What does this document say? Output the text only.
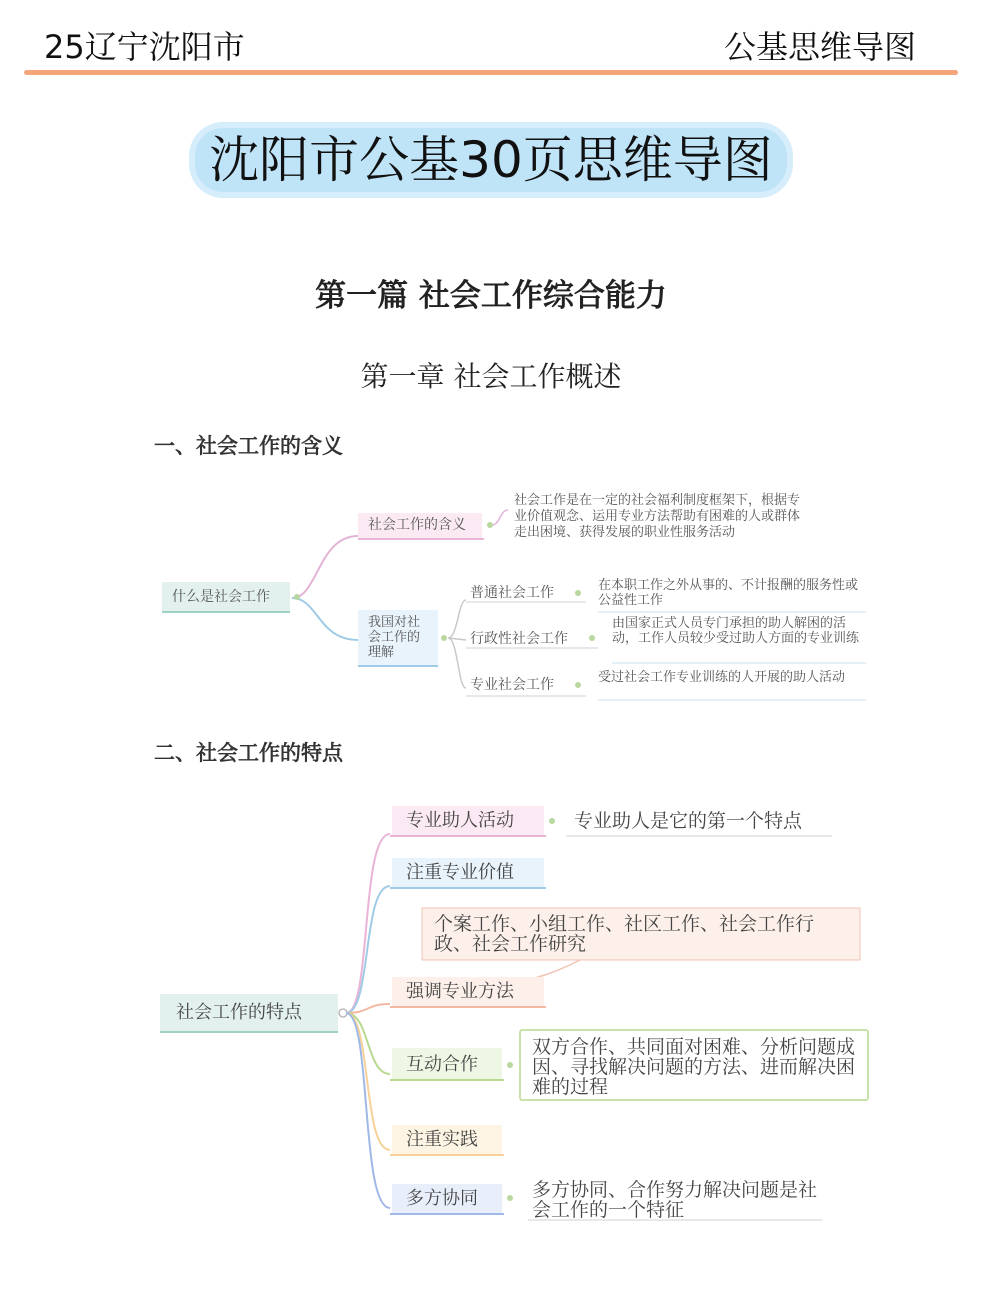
25辽宁沈阳市	公基思维导图
沈阳市公基30页思维导图
第一篇 社会工作综合能力
第一章 社会工作概述
一、社会工作的含义
二、社会工作的特点
什么是社会工作
社会工作的含义
社会工作是在一定的社会福利制度框架下，根据专业价值观念、运用专业方法帮助有困难的人或群体走出困境、获得发展的职业性服务活动
我国对社会工作的理解
普通社会工作	在本职工作之外从事的、不计报酬的服务性或公益性工作
行政性社会工作
由国家正式人员专门承担的助人解困的活动，工作人员较少受过助人方面的专业训练
专业社会工作	受过社会工作专业训练的人开展的助人活动
社会工作的特点
专业助人活动	专业助人是它的第一个特点
注重专业价值
个案工作、小组工作、社区工作、社会工作行政、社会工作研究
强调专业方法
互动合作
双方合作、共同面对困难、分析问题成因、寻找解决问题的方法、进而解决困难的过程
注重实践
多方协同	多方协同、合作努力解决问题是社会工作的一个特征
